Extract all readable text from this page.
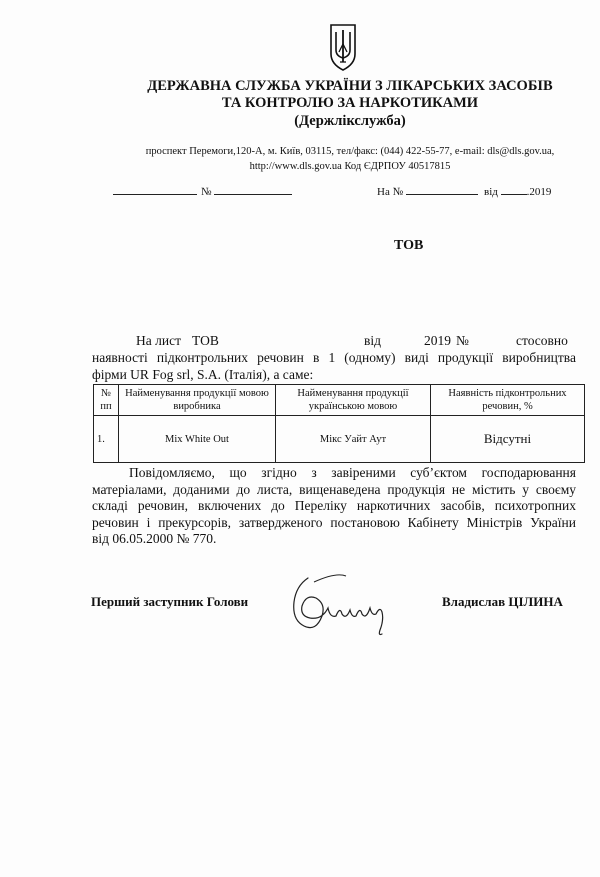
ДЕРЖАВНА СЛУЖБА УКРАЇНИ З ЛІКАРСЬКИХ ЗАСОБІВ
ТА КОНТРОЛЮ ЗА НАРКОТИКАМИ
(Держлікслужба)
проспект Перемоги,120-А, м. Київ, 03115, тел/факс: (044) 422-55-77, e-mail: dls@dls.gov.ua,
http://www.dls.gov.ua Код ЄДРПОУ 40517815
№	На №	від	.2019
ТОВ
На лист ТОВ	від	2019 №	стосовно
наявності підконтрольних речовин в 1 (одному) виді продукції виробництва
фірми UR Fog srl, S.A. (Італія), а саме:
№
пп	Найменування продукції мовою виробника	Найменування продукції українською мовою	Наявність підконтрольних речовин, %
1.	Mix White Out	Мікс Уайт Аут	Відсутні

Повідомляємо, що згідно з завіреними суб’єктом господарювання

матеріалами, доданими до листа, вищенаведена продукція не містить у своєму

складі речовин, включених до Переліку наркотичних засобів, психотропних

речовин і прекурсорів, затвердженого постановою Кабінету Міністрів України

від 06.05.2000 № 770.

Перший заступник Голови	Владислав ЦІЛИНА
